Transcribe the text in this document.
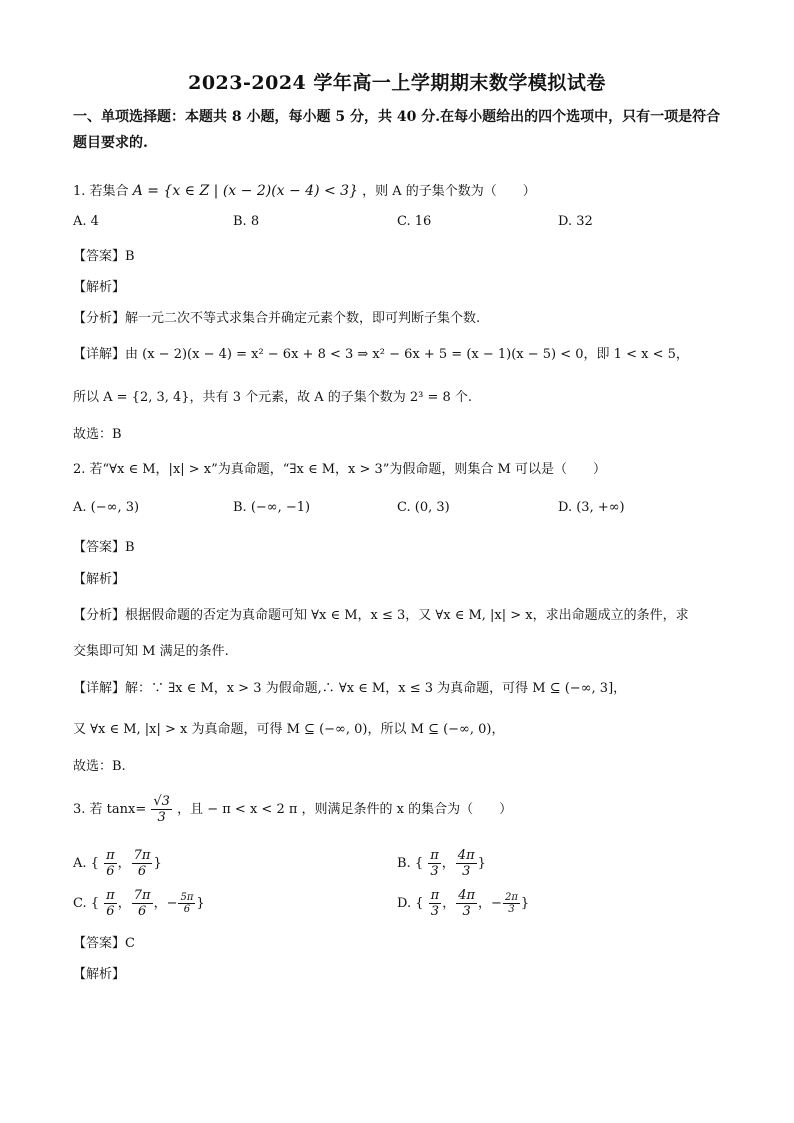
2023-2024 学年高一上学期期末数学模拟试卷
一、单项选择题：本题共 8 小题，每小题 5 分，共 40 分.在每小题给出的四个选项中，只有一项是符合题目要求的.
1. 若集合 A = {x ∈ Z | (x − 2)(x − 4) < 3} ，则 A 的子集个数为（　　）
A. 4	B. 8	C. 16	D. 32
【答案】B
【解析】
【分析】解一元二次不等式求集合并确定元素个数，即可判断子集个数.
【详解】由 (x − 2)(x − 4) = x² − 6x + 8 < 3 ⇒ x² − 6x + 5 = (x − 1)(x − 5) < 0，即 1 < x < 5，
所以 A = {2, 3, 4}，共有 3 个元素，故 A 的子集个数为 2³ = 8 个.
故选：B
2. 若“∀x ∈ M，|x| > x”为真命题，“∃x ∈ M，x > 3”为假命题，则集合 M 可以是（　　）
A. (−∞, 3)	B. (−∞, −1)	C. (0, 3)	D. (3, +∞)
【答案】B
【解析】
【分析】根据假命题的否定为真命题可知 ∀x ∈ M，x ≤ 3，又 ∀x ∈ M, |x| > x，求出命题成立的条件，求
交集即可知 M 满足的条件.
【详解】解：∵ ∃x ∈ M，x > 3 为假命题,∴ ∀x ∈ M，x ≤ 3 为真命题，可得 M ⊆ (−∞, 3]，
又 ∀x ∈ M, |x| > x 为真命题，可得 M ⊆ (−∞, 0)，所以 M ⊆ (−∞, 0)，
故选：B.
3. 若 $\tan x= \frac{√3}{3}$ ，且 − π < x < 2 π ，则满足条件的 x 的集合为（　　）
A. { $\frac{\pi}{6}$ ， $\frac{7\pi}{6}$ }	B. { $\frac{\pi}{3}$ ， $\frac{4\pi}{3}$ }
C. { $\frac{\pi}{6}$ ， $\frac{7\pi}{6}$ ，− $\frac{5\pi}{6}$ }	D. { $\frac{\pi}{3}$ ， $\frac{4\pi}{3}$ ，− $\frac{2\pi}{3}$ }
【答案】C
【解析】
